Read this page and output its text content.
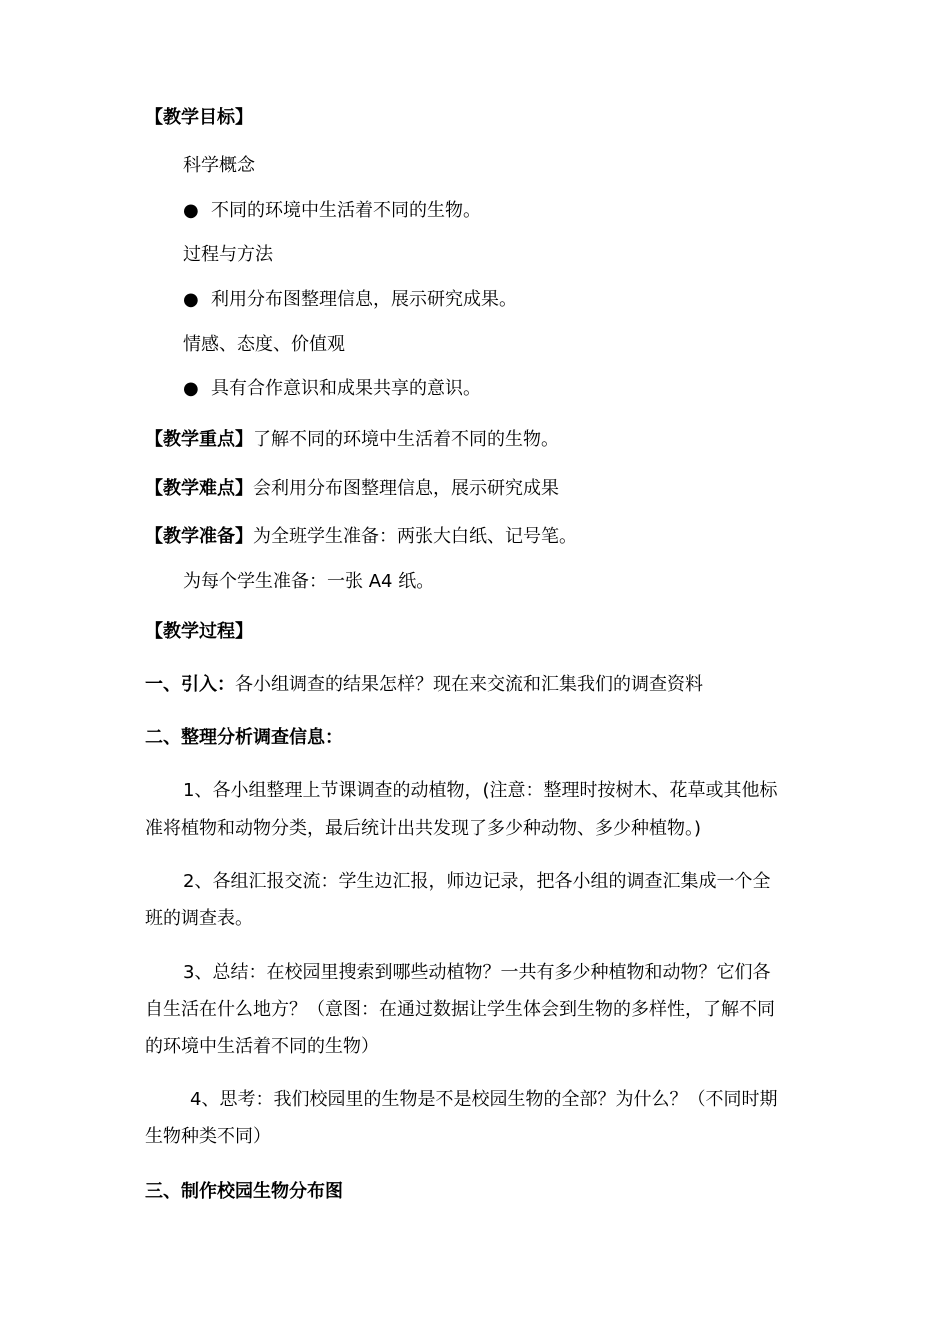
【教学目标】
科学概念
● 不同的环境中生活着不同的生物。
过程与方法
● 利用分布图整理信息，展示研究成果。
情感、态度、价值观
● 具有合作意识和成果共享的意识。
【教学重点】了解不同的环境中生活着不同的生物。
【教学难点】会利用分布图整理信息，展示研究成果
【教学准备】为全班学生准备：两张大白纸、记号笔。
为每个学生准备：一张 A4 纸。
【教学过程】
一、引入：各小组调查的结果怎样？现在来交流和汇集我们的调查资料
二、整理分析调查信息：
1、各小组整理上节课调查的动植物，(注意：整理时按树木、花草或其他标
准将植物和动物分类，最后统计出共发现了多少种动物、多少种植物。)
2、各组汇报交流：学生边汇报，师边记录，把各小组的调查汇集成一个全
班的调查表。
3、总结：在校园里搜索到哪些动植物？一共有多少种植物和动物？它们各
自生活在什么地方？（意图：在通过数据让学生体会到生物的多样性，了解不同
的环境中生活着不同的生物）
4、思考：我们校园里的生物是不是校园生物的全部？为什么？（不同时期
生物种类不同）
三、制作校园生物分布图
